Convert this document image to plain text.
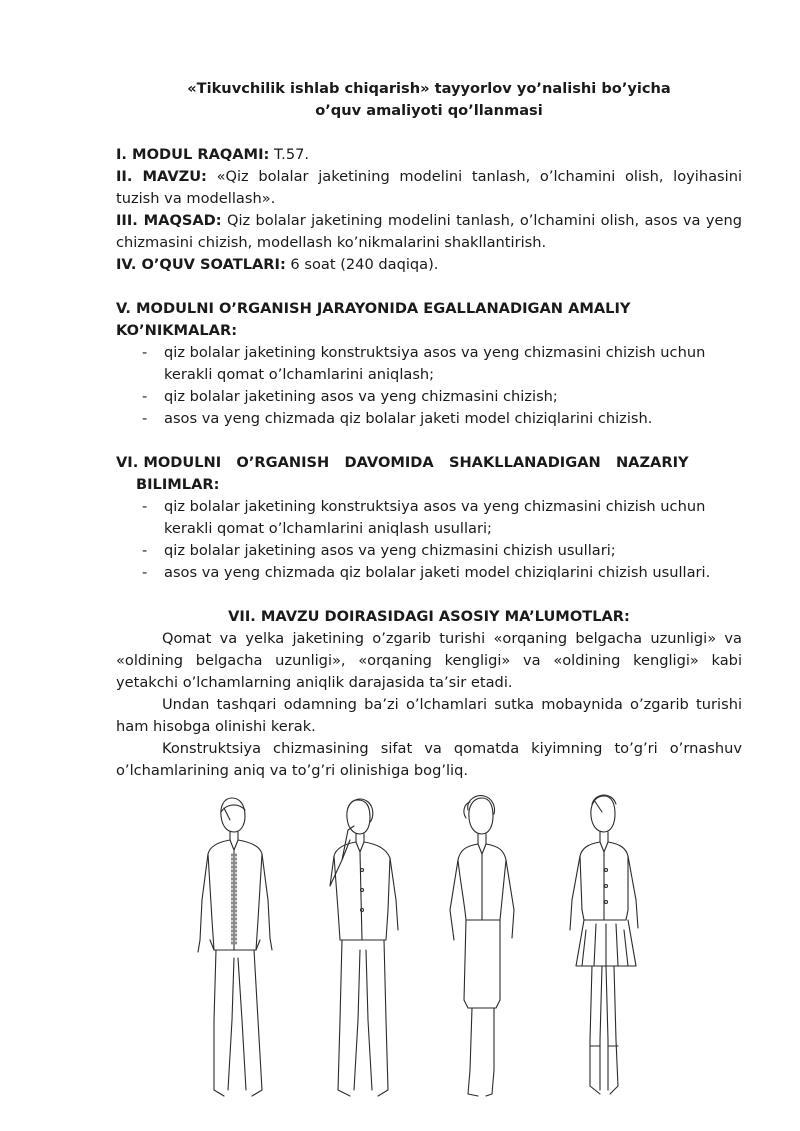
«Tikuvchilik ishlab chiqarish» tayyorlov yo’nalishi bo’yicha
o’quv amaliyoti qo’llanmasi
I. MODUL RAQAMI: T.57.
II. MAVZU: «Qiz bolalar jaketining modelini tanlash, o’lchamini olish, loyihasini tuzish va modellash».
III. MAQSAD: Qiz bolalar jaketining modelini tanlash, o’lchamini olish, asos va yeng chizmasini chizish, modellash ko’nikmalarini shakllantirish.
IV. O’QUV SOATLARI: 6 soat (240 daqiqa).
V. MODULNI O’RGANISH JARAYONIDA EGALLANADIGAN AMALIY
KO’NIKMALAR:
- qiz bolalar jaketining konstruktsiya asos va yeng chizmasini chizish uchun kerakli qomat o’lchamlarini aniqlash;
- qiz bolalar jaketining asos va yeng chizmasini chizish;
- asos va yeng chizmada qiz bolalar jaketi model chiziqlarini chizish.
VI. MODULNI   O’RGANISH   DAVOMIDA   SHAKLLANADIGAN   NAZARIY
BILIMLAR:
- qiz bolalar jaketining konstruktsiya asos va yeng chizmasini chizish uchun kerakli qomat o’lchamlarini aniqlash usullari;
- qiz bolalar jaketining asos va yeng chizmasini chizish usullari;
- asos va yeng chizmada qiz bolalar jaketi model chiziqlarini chizish usullari.
VII. MAVZU DOIRASIDAGI ASOSIY MA’LUMOTLAR:
Qomat va yelka jaketining o’zgarib turishi «orqaning belgacha uzunligi» va «oldining belgacha uzunligi», «orqaning kengligi» va «oldining kengligi» kabi yetakchi o’lchamlarning aniqlik darajasida ta’sir etadi.
Undan tashqari odamning ba’zi o’lchamlari sutka mobaynida o’zgarib turishi ham hisobga olinishi kerak.
Konstruktsiya chizmasining sifat va qomatda kiyimning to’g’ri o’rnashuv o’lchamlarining aniq va to’g’ri olinishiga bog’liq.
